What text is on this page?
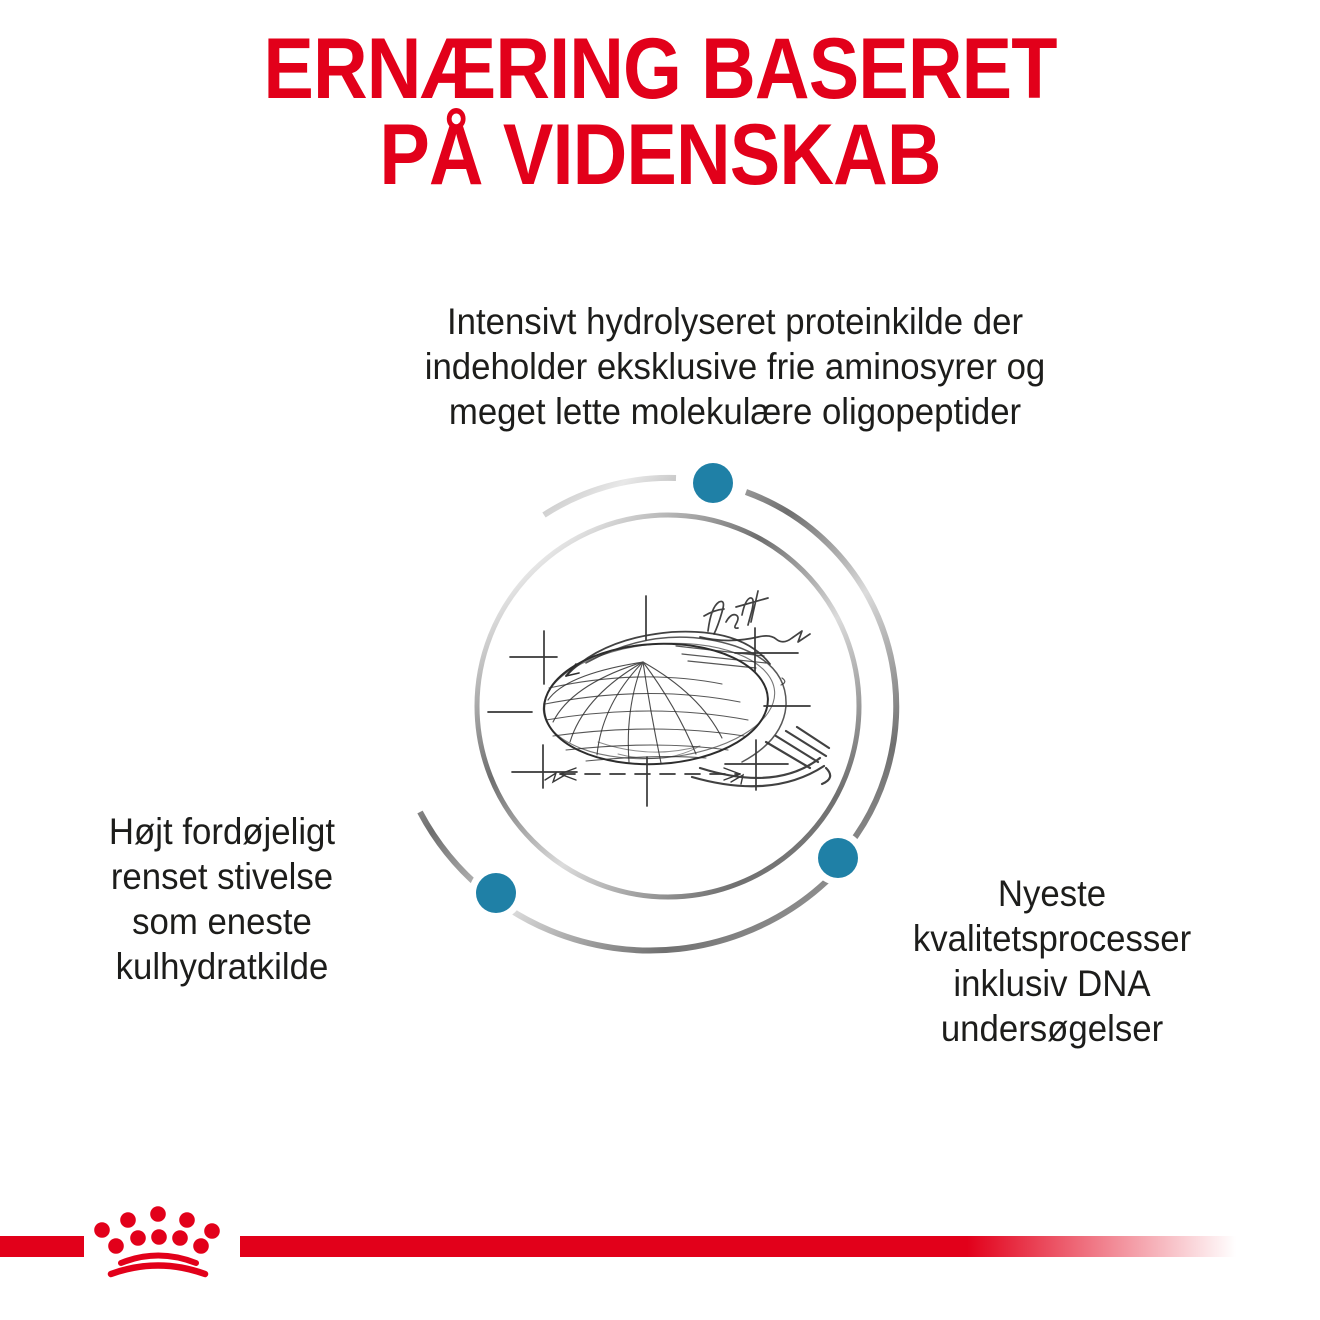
ERNÆRING BASERET
PÅ VIDENSKAB
Intensivt hydrolyseret proteinkilde der
indeholder eksklusive frie aminosyrer og
meget lette molekulære oligopeptider
Højt fordøjeligt
renset stivelse
som eneste
kulhydratkilde
Nyeste
kvalitetsprocesser
inklusiv DNA
undersøgelser
